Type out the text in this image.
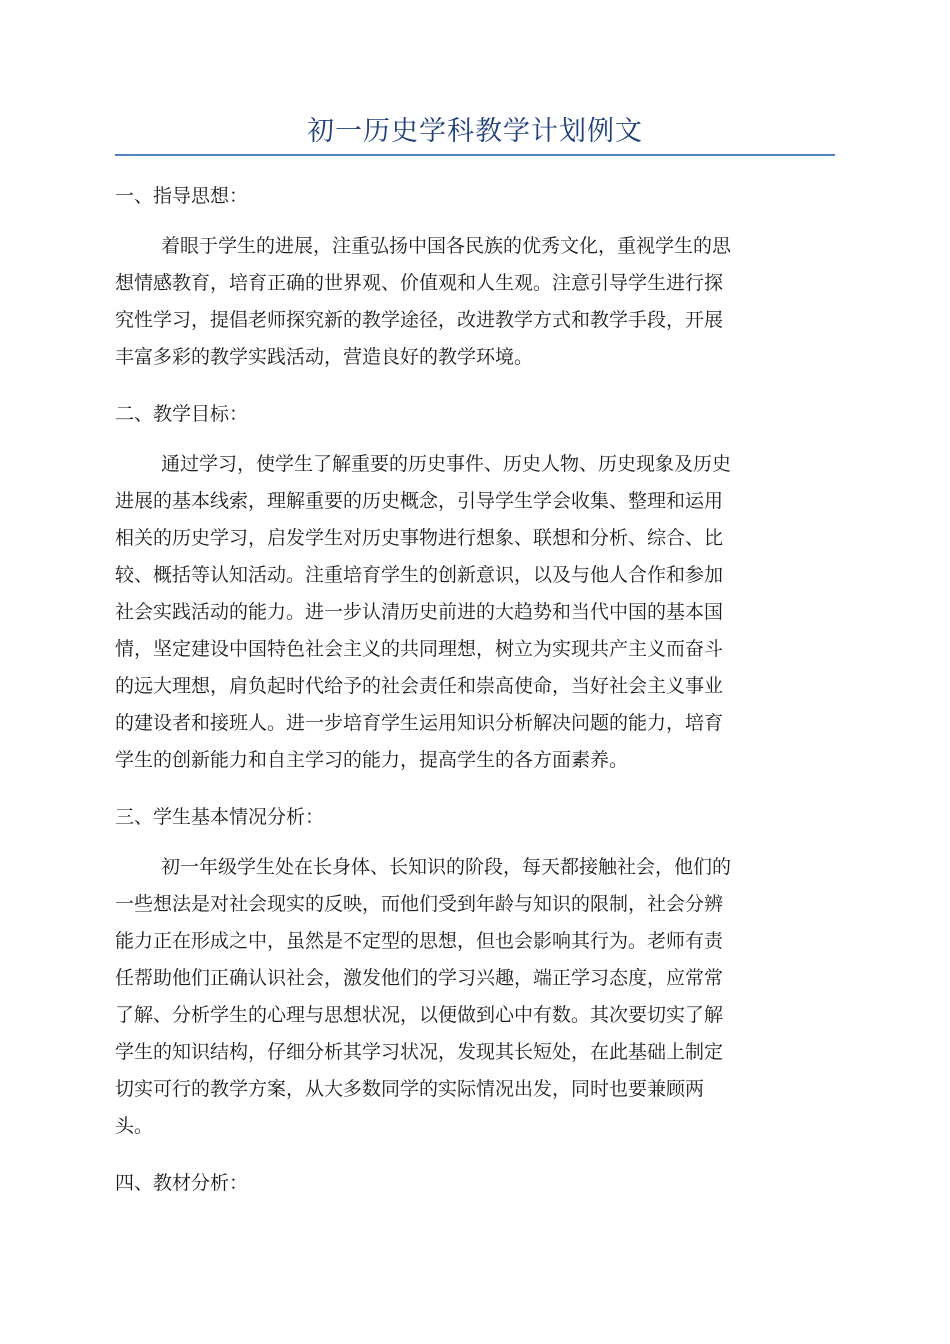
初一历史学科教学计划例文
一、指导思想：
着眼于学生的进展，注重弘扬中国各民族的优秀文化，重视学生的思
想情感教育，培育正确的世界观、价值观和人生观。注意引导学生进行探
究性学习，提倡老师探究新的教学途径，改进教学方式和教学手段，开展
丰富多彩的教学实践活动，营造良好的教学环境。
二、教学目标：
通过学习，使学生了解重要的历史事件、历史人物、历史现象及历史
进展的基本线索，理解重要的历史概念，引导学生学会收集、整理和运用
相关的历史学习，启发学生对历史事物进行想象、联想和分析、综合、比
较、概括等认知活动。注重培育学生的创新意识，以及与他人合作和参加
社会实践活动的能力。进一步认清历史前进的大趋势和当代中国的基本国
情，坚定建设中国特色社会主义的共同理想，树立为实现共产主义而奋斗
的远大理想，肩负起时代给予的社会责任和崇高使命，当好社会主义事业
的建设者和接班人。进一步培育学生运用知识分析解决问题的能力，培育
学生的创新能力和自主学习的能力，提高学生的各方面素养。
三、学生基本情况分析：
初一年级学生处在长身体、长知识的阶段，每天都接触社会，他们的
一些想法是对社会现实的反映，而他们受到年龄与知识的限制，社会分辨
能力正在形成之中，虽然是不定型的思想，但也会影响其行为。老师有责
任帮助他们正确认识社会，激发他们的学习兴趣，端正学习态度，应常常
了解、分析学生的心理与思想状况，以便做到心中有数。其次要切实了解
学生的知识结构，仔细分析其学习状况，发现其长短处，在此基础上制定
切实可行的教学方案，从大多数同学的实际情况出发，同时也要兼顾两
头。
四、教材分析：
